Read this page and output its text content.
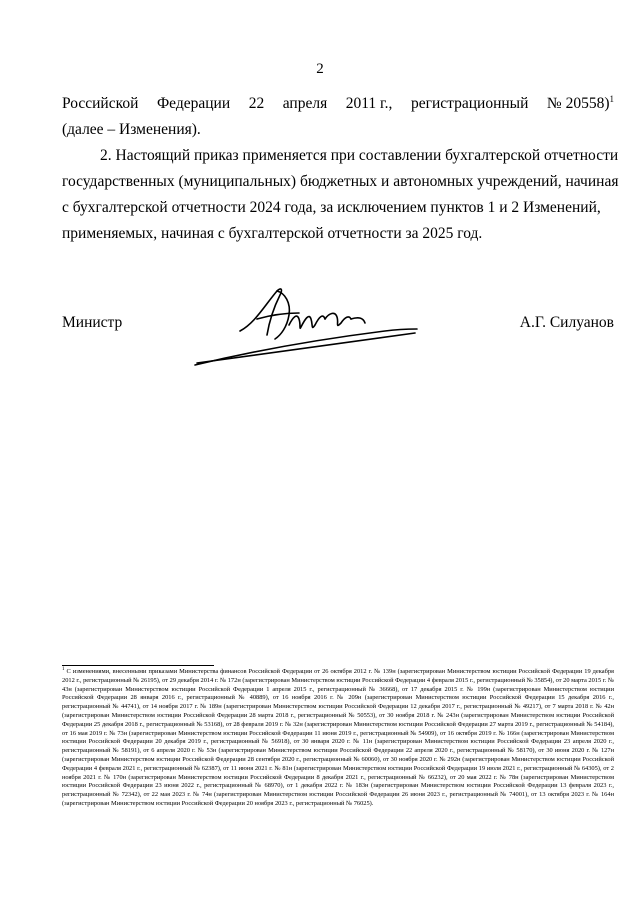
2
Российской Федерации 22 апреля 2011 г., регистрационный № 20558)$^1$
(далее – Изменения).
2. Настоящий приказ применяется при составлении бухгалтерской отчетности
государственных (муниципальных) бюджетных и автономных учреждений, начиная
с бухгалтерской отчетности 2024 года, за исключением пунктов 1 и 2 Изменений,
применяемых, начиная с бухгалтерской отчетности за 2025 год.
Министр	А.Г. Силуанов
$^1$ С изменениями, внесенными приказами Министерства финансов Российской Федерации от 26 октября 2012 г. № 139н (зарегистрирован Министерством юстиции Российской Федерации 19 декабря 2012 г., регистрационный № 26195), от 29 декабря 2014 г. № 172н (зарегистрирован Министерством юстиции Российской Федерации 4 февраля 2015 г., регистрационный № 35854), от 20 марта 2015 г. № 43н (зарегистрирован Министерством юстиции Российской Федерации 1 апреля 2015 г., регистрационный № 36668), от 17 декабря 2015 г. № 199н (зарегистрирован Министерством юстиции Российской Федерации 28 января 2016 г., регистрационный № 40889), от 16 ноября 2016 г. № 209н (зарегистрирован Министерством юстиции Российской Федерации 15 декабря 2016 г., регистрационный № 44741), от 14 ноября 2017 г. № 189н (зарегистрирован Министерством юстиции Российской Федерации 12 декабря 2017 г., регистрационный № 49217), от 7 марта 2018 г. № 42н (зарегистрирован Министерством юстиции Российской Федерации 28 марта 2018 г., регистрационный № 50553), от 30 ноября 2018 г. № 243н (зарегистрирован Министерством юстиции Российской Федерации 25 декабря 2018 г., регистрационный № 53168), от 28 февраля 2019 г. № 32н (зарегистрирован Министерством юстиции Российской Федерации 27 марта 2019 г., регистрационный № 54184), от 16 мая 2019 г. № 73н (зарегистрирован Министерством юстиции Российской Федерации 11 июня 2019 г., регистрационный № 54909), от 16 октября 2019 г. № 166н (зарегистрирован Министерством юстиции Российской Федерации 20 декабря 2019 г., регистрационный № 56918), от 30 января 2020 г. № 11н (зарегистрирован Министерством юстиции Российской Федерации 23 апреля 2020 г., регистрационный № 58191), от 6 апреля 2020 г. № 53н (зарегистрирован Министерством юстиции Российской Федерации 22 апреля 2020 г., регистрационный № 58170), от 30 июня 2020 г. № 127н (зарегистрирован Министерством юстиции Российской Федерации 28 сентября 2020 г., регистрационный № 60060), от 30 ноября 2020 г. № 292н (зарегистрирован Министерством юстиции Российской Федерации 4 февраля 2021 г., регистрационный № 62387), от 11 июня 2021 г. № 81н (зарегистрирован Министерством юстиции Российской Федерации 19 июля 2021 г., регистрационный № 64305), от 2 ноября 2021 г. № 170н (зарегистрирован Министерством юстиции Российской Федерации 8 декабря 2021 г., регистрационный № 66232), от 20 мая 2022 г. № 78н (зарегистрирован Министерством юстиции Российской Федерации 23 июня 2022 г., регистрационный № 68970), от 1 декабря 2022 г. № 183н (зарегистрирован Министерством юстиции Российской Федерации 13 февраля 2023 г., регистрационный № 72342), от 22 мая 2023 г. № 74н (зарегистрирован Министерством юстиции Российской Федерации 26 июня 2023 г., регистрационный № 74001), от 13 октября 2023 г. № 164н (зарегистрирован Министерством юстиции Российской Федерации 20 ноября 2023 г., регистрационный № 76025).
